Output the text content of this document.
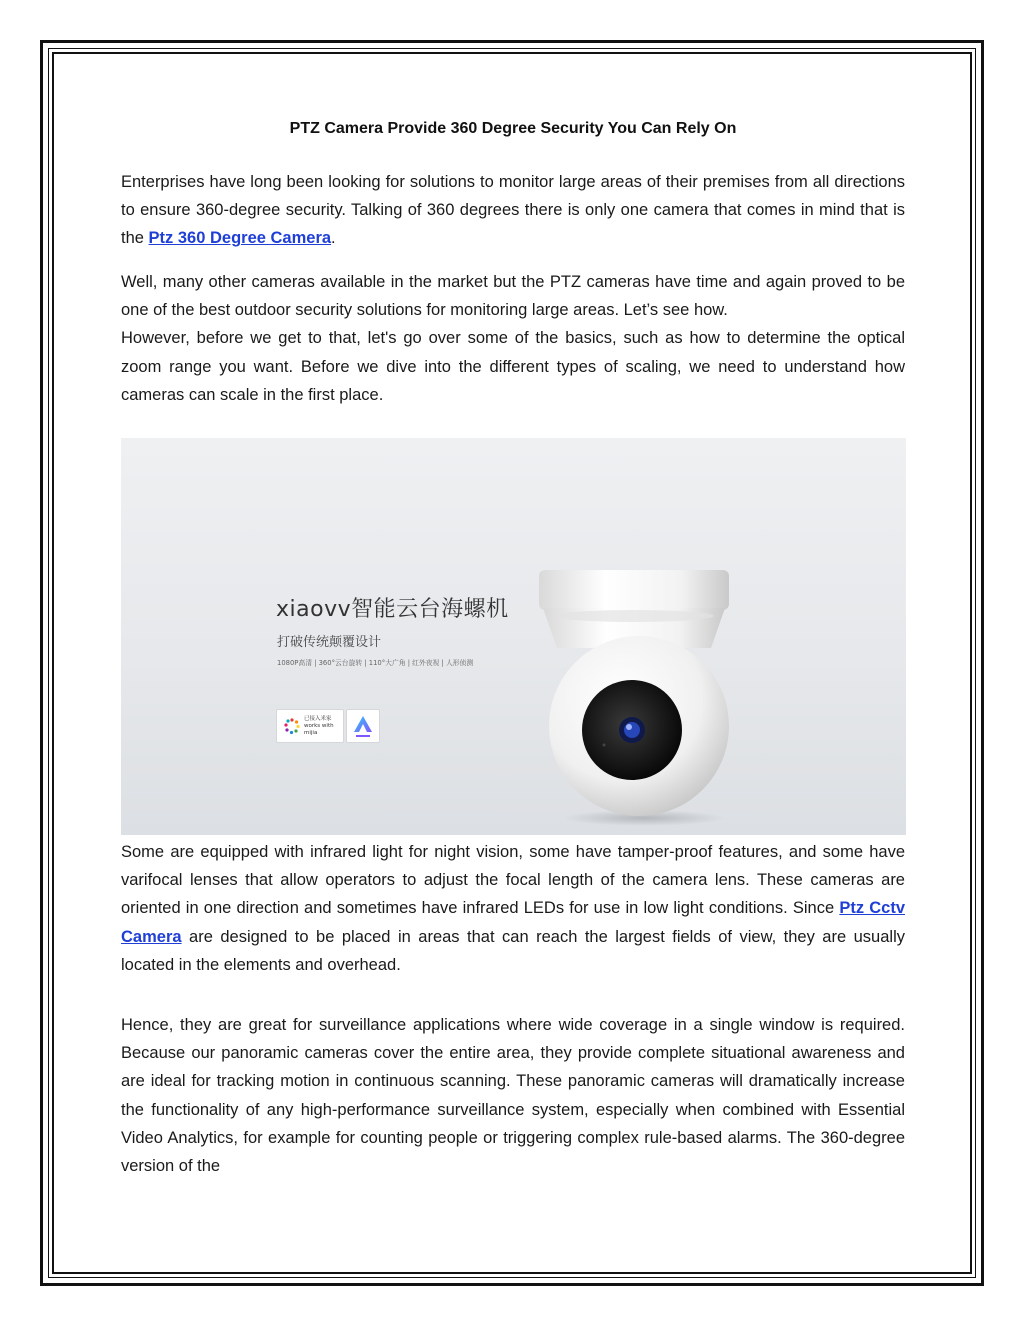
PTZ Camera Provide 360 Degree Security You Can Rely On

Enterprises have long been looking for solutions to monitor large areas of their premises from all directions to ensure 360-degree security. Talking of 360 degrees there is only one camera that comes in mind that is the Ptz 360 Degree Camera.

Well, many other cameras available in the market but the PTZ cameras have time and again proved to be one of the best outdoor security solutions for monitoring large areas. Let’s see how.

However, before we get to that, let's go over some of the basics, such as how to determine the optical zoom range you want. Before we dive into the different types of scaling, we need to understand how cameras can scale in the first place.

xiaovv智能云台海螺机
打破传统颠覆设计
1080P高清 | 360°云台旋转 | 110°大广角 | 红外夜视 | 人形侦测
已接入米家 works with mijia

Some are equipped with infrared light for night vision, some have tamper-proof features, and some have varifocal lenses that allow operators to adjust the focal length of the camera lens. These cameras are oriented in one direction and sometimes have infrared LEDs for use in low light conditions. Since Ptz Cctv Camera are designed to be placed in areas that can reach the largest fields of view, they are usually located in the elements and overhead.

Hence, they are great for surveillance applications where wide coverage in a single window is required. Because our panoramic cameras cover the entire area, they provide complete situational awareness and are ideal for tracking motion in continuous scanning. These panoramic cameras will dramatically increase the functionality of any high-performance surveillance system, especially when combined with Essential Video Analytics, for example for counting people or triggering complex rule-based alarms. The 360-degree version of the
